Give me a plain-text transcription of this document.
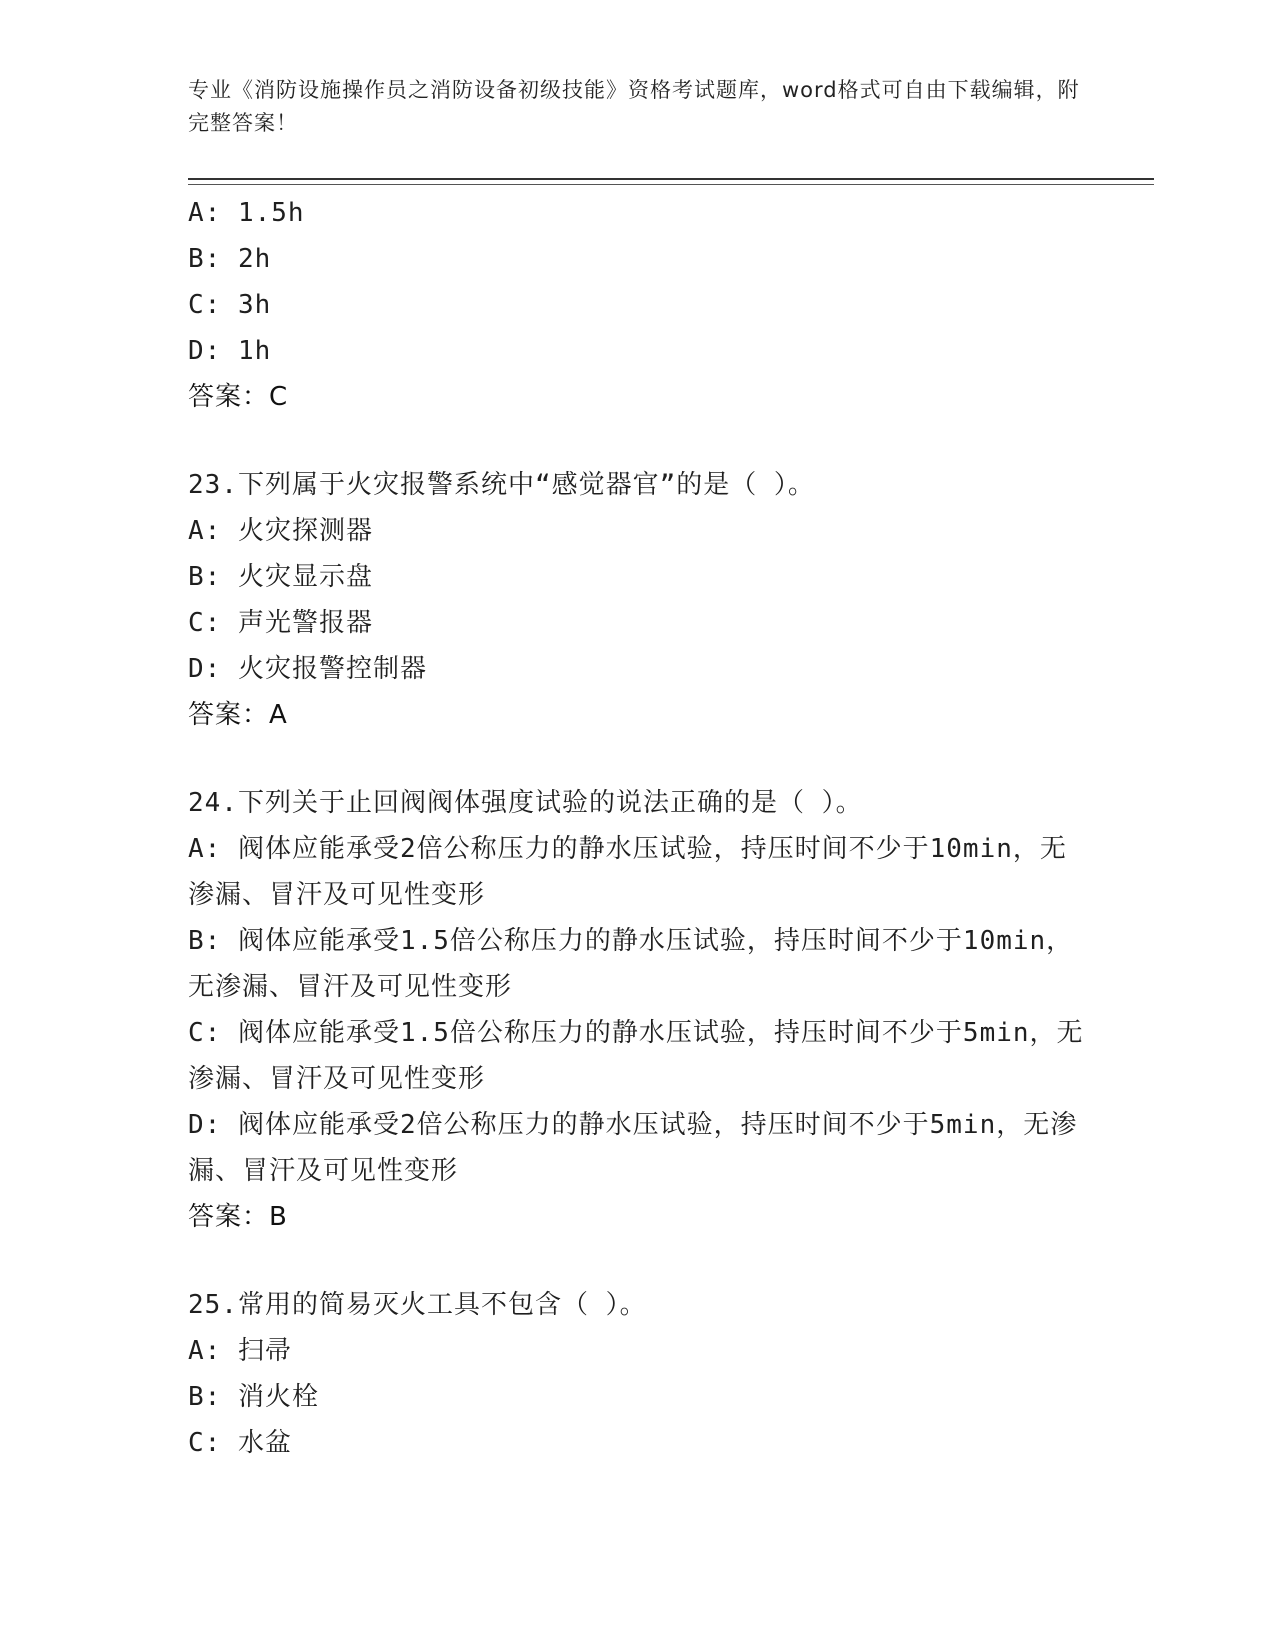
专业《消防设施操作员之消防设备初级技能》资格考试题库，word格式可自由下载编辑，附完整答案！
A: 1.5h
B: 2h
C: 3h
D: 1h
答案：C
23.下列属于火灾报警系统中“感觉器官”的是（ ）。
A: 火灾探测器
B: 火灾显示盘
C: 声光警报器
D: 火灾报警控制器
答案：A
24.下列关于止回阀阀体强度试验的说法正确的是（ ）。
A: 阀体应能承受2倍公称压力的静水压试验，持压时间不少于10min，无渗漏、冒汗及可见性变形
B: 阀体应能承受1.5倍公称压力的静水压试验，持压时间不少于10min，无渗漏、冒汗及可见性变形
C: 阀体应能承受1.5倍公称压力的静水压试验，持压时间不少于5min，无渗漏、冒汗及可见性变形
D: 阀体应能承受2倍公称压力的静水压试验，持压时间不少于5min，无渗漏、冒汗及可见性变形
答案：B
25.常用的简易灭火工具不包含（ ）。
A: 扫帚
B: 消火栓
C: 水盆
